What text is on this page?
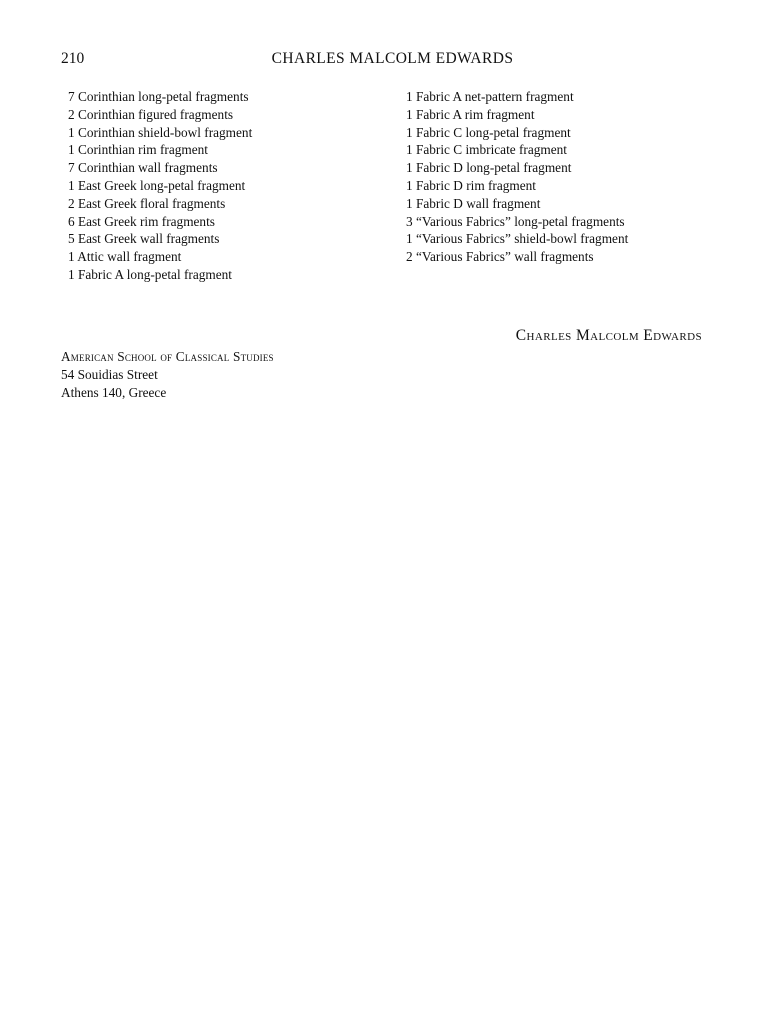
210	CHARLES MALCOLM EDWARDS
7 Corinthian long-petal fragments
2 Corinthian figured fragments
1 Corinthian shield-bowl fragment
1 Corinthian rim fragment
7 Corinthian wall fragments
1 East Greek long-petal fragment
2 East Greek floral fragments
6 East Greek rim fragments
5 East Greek wall fragments
1 Attic wall fragment
1 Fabric A long-petal fragment
1 Fabric A net-pattern fragment
1 Fabric A rim fragment
1 Fabric C long-petal fragment
1 Fabric C imbricate fragment
1 Fabric D long-petal fragment
1 Fabric D rim fragment
1 Fabric D wall fragment
3 “Various Fabrics” long-petal fragments
1 “Various Fabrics” shield-bowl fragment
2 “Various Fabrics” wall fragments
Charles Malcolm Edwards
American School of Classical Studies
54 Souidias Street
Athens 140, Greece
